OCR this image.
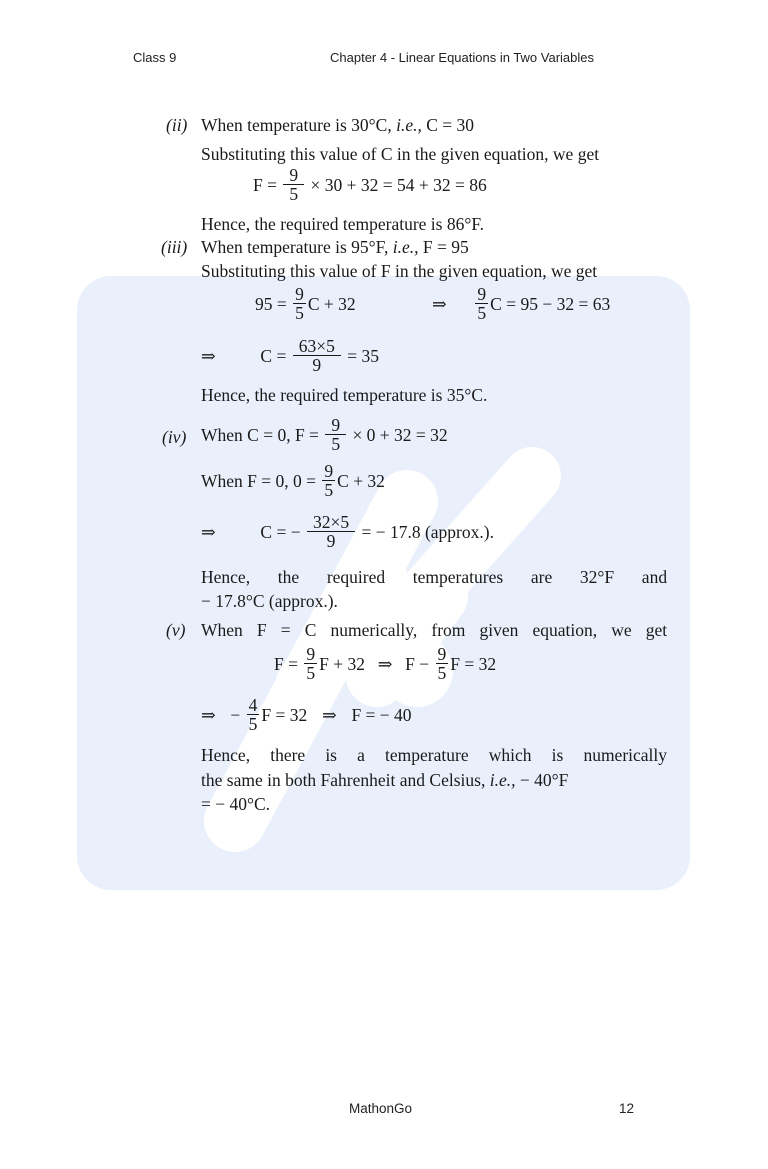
Class 9	Chapter 4 - Linear Equations in Two Variables
(ii) When temperature is 30°C, i.e., C = 30
Substituting this value of C in the given equation, we get
$F = \frac{9}{5} \times 30 + 32 = 54 + 32 = 86$
Hence, the required temperature is 86°F.
(iii) When temperature is 95°F, i.e., F = 95
Substituting this value of F in the given equation, we get
$95 = \frac{9}{5}$ C + 32	⇒ $\frac{9}{5}$ C = 95 − 32 = 63
⇒	$C = \frac{63\times 5}{9} = 35$
Hence, the required temperature is 35°C.
(iv) When C = 0, $F = \frac{9}{5} \times 0 + 32 = 32$
When F = 0, $0 = \frac{9}{5}$ C + 32
⇒	C = − $\frac{32\times 5}{9}$ = − 17.8 (approx.).
Hence, the required temperatures are 32°F and
− 17.8°C (approx.).
(v) When F = C numerically, from given equation, we get
$F = \frac{9}{5}$ F + 32 ⇒ $F - \frac{9}{5}$ F = 32
⇒ − $\frac{4}{5}$ F = 32 ⇒ F = − 40
Hence, there is a temperature which is numerically
the same in both Fahrenheit and Celsius, i.e., − 40°F
= − 40°C.
MathonGo	12
